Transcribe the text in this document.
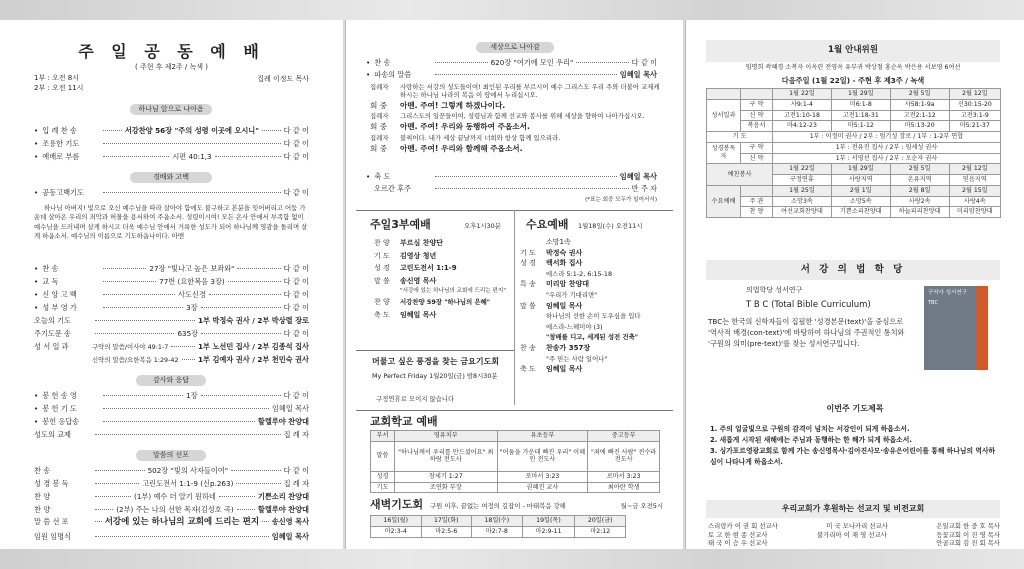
주 일 공 동 예 배
( 주현 후 제2주 / 녹색 )
1부 : 오전 8시
2부 : 오전 11시
집례 이정도 목사
하나님 앞으로 나아옴
• 입 례 찬 송	서강찬양 56장 "주의 성령 이곳에 오시니"	다 같 이
• 조용한 기도	다 같 이
• 예배로 부름	시편 40:1,3	다 같 이
경배와 고백
• 공동고백기도	다 같 이
하나님 아버지! 빛으로 오신 예수님을 따라 살아야 함에도 불구하고 본분을 잊어버리고 어둠 가운데 살아온 우리의 죄악과 허물을 용서하여 주옵소서. 성령이시여! 모든 온사 안에서 부족함 없이 예수님을 드러내며 살게 하시고 더욱 예수님 안에서 거룩한 성도가 되어 하나님께 영광을 돌리며 살게 하옵소서. 예수님의 이름으로 기도하옵나이다. 아멘
• 찬 송	27장 "빛나고 높은 보좌와"	다 같 이
• 교 독	77번 (요한복음 3장)	다 같 이
• 신 앙 고 백	사도신경	다 같 이
• 성 부 영 가	3장	다 같 이
오늘의 기도	1부 박정숙 권사 / 2부 박상렬 장로
주기도문 송	635장	다 같 이
성 서 일 과	구약의 말씀/이사야 49:1-7	1부 노선민 집사 / 2부 김종석 집사
신약의 말씀/요한복음 1:29-42	1부 김예자 권사 / 2부 천민숙 권사
감사와 응답
• 봉 헌 송 영	1장	다 같 이
• 봉 헌 기 도	임혜일 목사
• 봉헌 응답송	할렐루야 찬양대
성도의 교제	집 례 자
말씀의 선포
찬 송	502장 "빛의 사자들이여"	다 같 이
성 경 봉 독	고린도전서 1:1-9 (신p.263)	집 례 자
찬 양	(1부) 예수 더 알기 원하네	기쁜소리 찬양대
찬 양	(2부) 주는 나의 선한 목자(김성호 곡)	할렐루야 찬양대
말 씀 선 포	서강에 있는 하나님의 교회에 드리는 편지 송신영 목사
임원 임명식	임혜일 목사
세상으로 나아감
• 찬 송	620장 "여기에 모인 우리"	다 같 이
• 파송의 말씀	임혜일 목사
집례자	사랑하는 서강의 성도들이여! 최인된 우리를 부르시어 예수 그리스도 우리 주와 더불어 교제케 하시는 하나님 나라의 복음 이 땅에서 누리십시오.
회 중	아멘. 주여! 그렇게 하겠나이다.
집례자	그리스도의 일꾼들이여, 성령님과 함께 선교와 봉사를 위해 세상을 향하여 나아가십시오.
회 중	아멘. 주여! 우리와 동행하여 주옵소서.
집례자	불찌어다. 내가 세상 끝날까지 너희와 항상 함께 있으리라.
회 중	아멘. 주여! 우리와 함께해 주옵소서.
• 축 도	임혜일 목사
오르간 후주	반 주 자
(*표는 회중 모두가 일어서서)
주일3부예배	오후1시30분
찬 양 부르심 찬양단
기 도 김영상 청년
성 경 고린도전서 1:1-9
말 씀 송신영 목사
"서강에 있는 하나님의 교회에 드리는 편지"
찬 양 서강찬양 59장 "하나님의 은혜"
축 도 임혜일 목사
머물고 싶은 풍경을 찾는 금요기도회
My Perfect Friday 1월20일(금) 밤8시30분
구정연휴로 모이지 않습니다
수요예배 1월18일(수) 오전11시
소망1속
기 도 박정숙 권사
성 경 백서화 집사
에스라 5:1-2, 6:15-18
특 송 미리암 찬양대
"우리가 기대리면"
말 씀 임혜일 목사
하나님의 선한 손이 도우심을 입다
에스라-느헤미야 (3)
"창배를 디고, 세계된 성전 건축"
찬 송 찬송가 357장
"주 믿는 사람 일어나"
축 도 임혜일 목사
교회학교 예배
부서	영유치부	유초등부	중고등부
말씀	"하나님께서 우리를 만드셨어요" 최하람 전도사	"어둠을 가운데 빠진 우리" 이혜인 전도사	"죄에 빠진 사람" 전수라 전도사
성경	창세기 1:27	로마서 3:23	로마서 3:23
기도	조연화 부장	권혜진 교사	최아란 학생
새벽기도회 구원 이후, 끝없는 여정의 길잡이 - 마태복음 강해	월~금 오전5시
16일(월)	17일(화)	18일(수)	19일(목)	20일(금)
마2:3-4	마2:5-6	마2:7-8	마2:9-11	마2:12
1월 안내위원
임명희 곽혜경 소복자 이옥련 전영옥 유부귀 박상철 홍순옥 박은용 서보영 6여선
다음주일 (1월 22일) - 주현 후 제3주 / 녹색
		1월 22일	1월 29일	2월 5일	2월 12일
성서일과	구 약	사9:1-4	미6:1-8	사58:1-9a	신30:15-20
	신 약	고전1:10-18	고전1:18-31	고전2:1-12	고전3:1-9
	복음서	마4:12-23	마5:1-12	마5:13-20	마5:21-37
기 도		1부 : 이정미 권사 / 2부 : 엄기성 장로 / 1부 : 1-2부 연합			
성경봉독자	구 약	1부 : 전유진 집사 / 2부 : 임세성 권사			
	신 약	1부 : 서영선 집사 / 2부 : 오순자 권사			
예친봉사		1월 22일	1월 29일	2월 5일	2월 12일
		구정연휴	사랑지역	온유지역	믿음지역
수요예배		1월 25일	2월 1일	2월 8일	2월 15일
	주 관	소망3속	소망5속	사랑2속	사랑4속
	찬 양	여선교회찬양대	기쁜소리찬양대	하늘피리찬양대	미리암찬양대
서 강 의 법 학 당
의법학당 성서연구
T B C (Total Bible Curriculum)
TBC는 한국의 신학자들이 집필한 '성경본문(text)'을 중심으로 '역사적 배경(con-text)'에 바탕하여 하나님의 주권적인 통치와 '구원의 의미(pre-text)'를 찾는 성서연구입니다.
구약사 성서연구
TBC
이번주 기도제목
1. 주의 얼굴빛으로 구원의 감격이 넘치는 서강인이 되게 하옵소서.
2. 새롭게 시작된 새해에는 주님과 동행하는 한 해가 되게 하옵소서.
3. 싱가포르영광교회로 함께 가는 송신영목사·김아진사모·송유은어린이를 통해 하나님의 역사하심이 나타나게 하옵소서.
우리교회가 후원하는 선교지 및 비전교회
스리랑카 이 권 회 선교사	미 국 모나카리 선교사	은일교회 한 중 호 목사
토 고 한 현 종 선교사	불가리아 이 재 영 선교사	등꽃교회 이 진 영 목사
태 국 이 승 우 선교사	안골교회 김 진 회 목사
